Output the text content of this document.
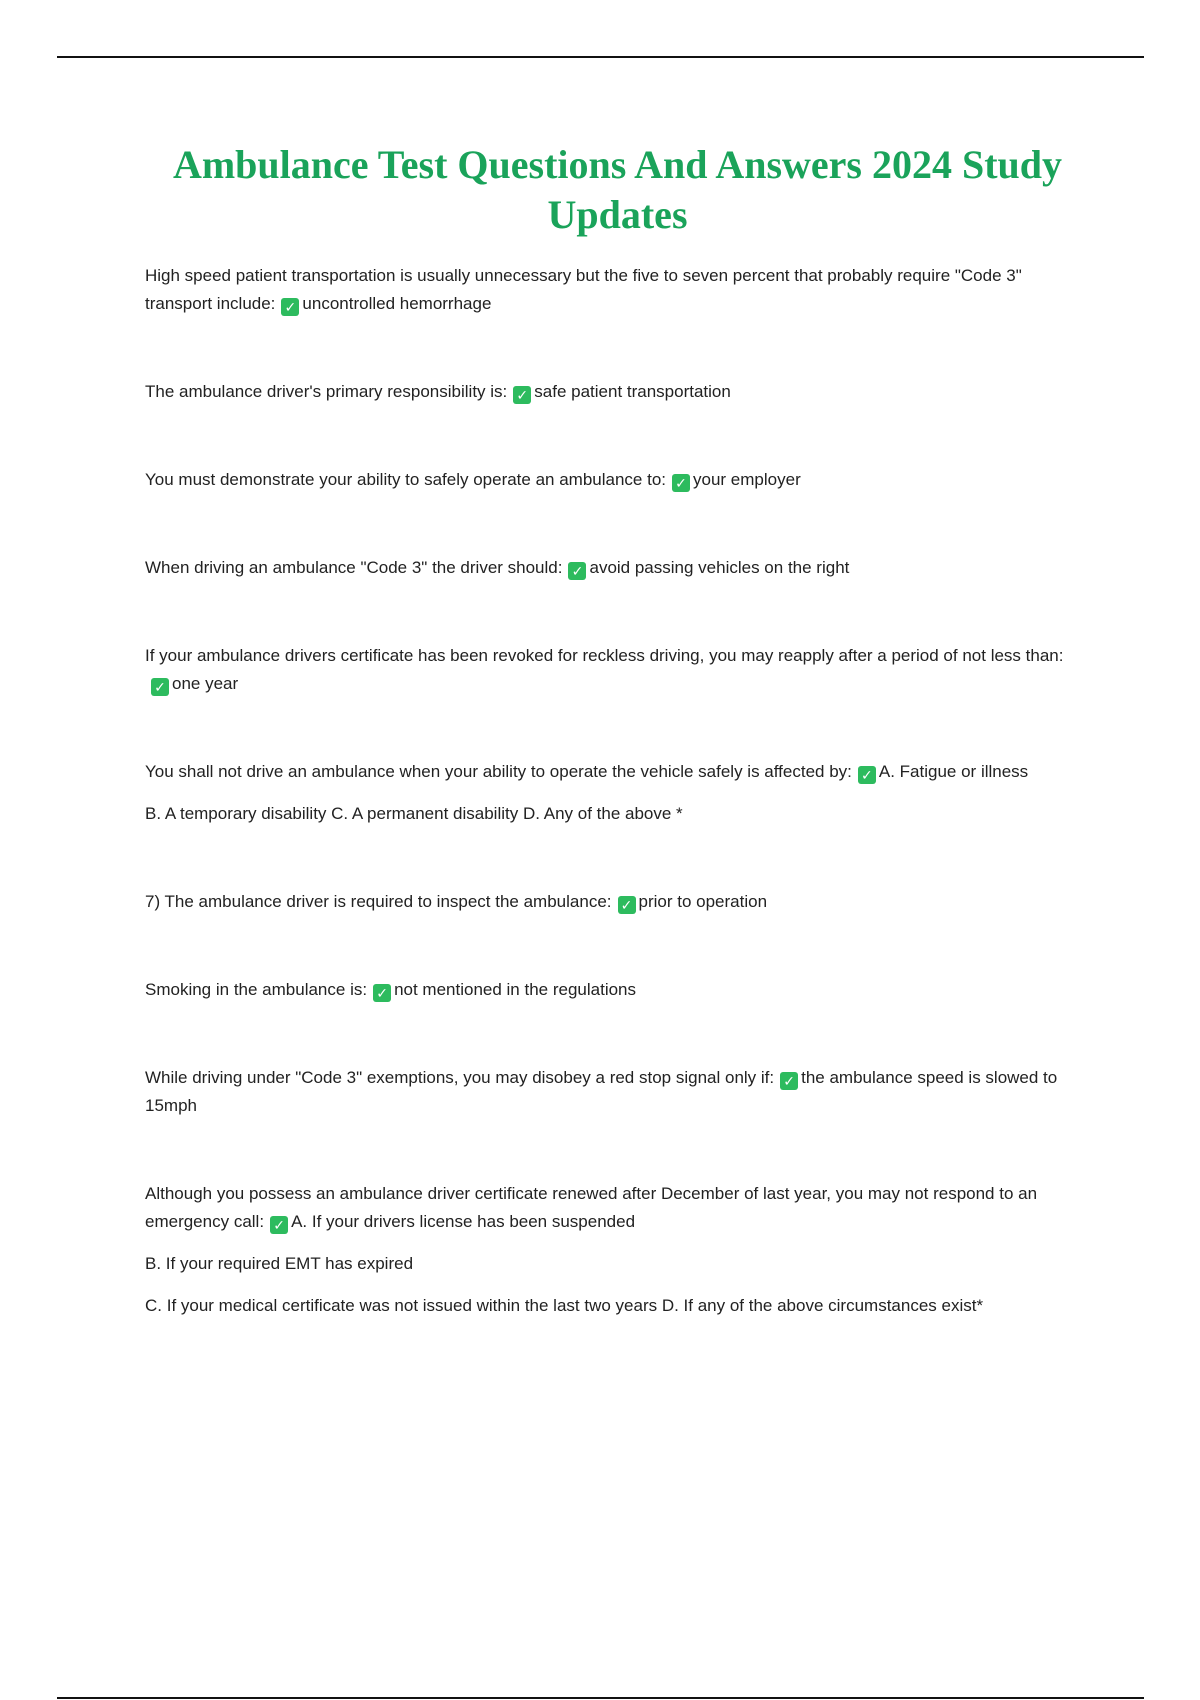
Ambulance Test Questions And Answers 2024 Study Updates

High speed patient transportation is usually unnecessary but the five to seven percent that probably require "Code 3" transport include: ✓ uncontrolled hemorrhage

The ambulance driver's primary responsibility is: ✓ safe patient transportation

You must demonstrate your ability to safely operate an ambulance to: ✓ your employer

When driving an ambulance "Code 3" the driver should: ✓ avoid passing vehicles on the right

If your ambulance drivers certificate has been revoked for reckless driving, you may reapply after a period of not less than:✓ one year

You shall not drive an ambulance when your ability to operate the vehicle safely is affected by: ✓ A. Fatigue or illness

B. A temporary disability C. A permanent disability D. Any of the above *

7) The ambulance driver is required to inspect the ambulance: ✓ prior to operation

Smoking in the ambulance is: ✓ not mentioned in the regulations

While driving under "Code 3" exemptions, you may disobey a red stop signal only if: ✓ the ambulance speed is slowed to 15mph

Although you possess an ambulance driver certificate renewed after December of last year, you may not respond to an emergency call: ✓ A. If your drivers license has been suspended

B. If your required EMT has expired

C. If your medical certificate was not issued within the last two years D. If any of the above circumstances exist*
